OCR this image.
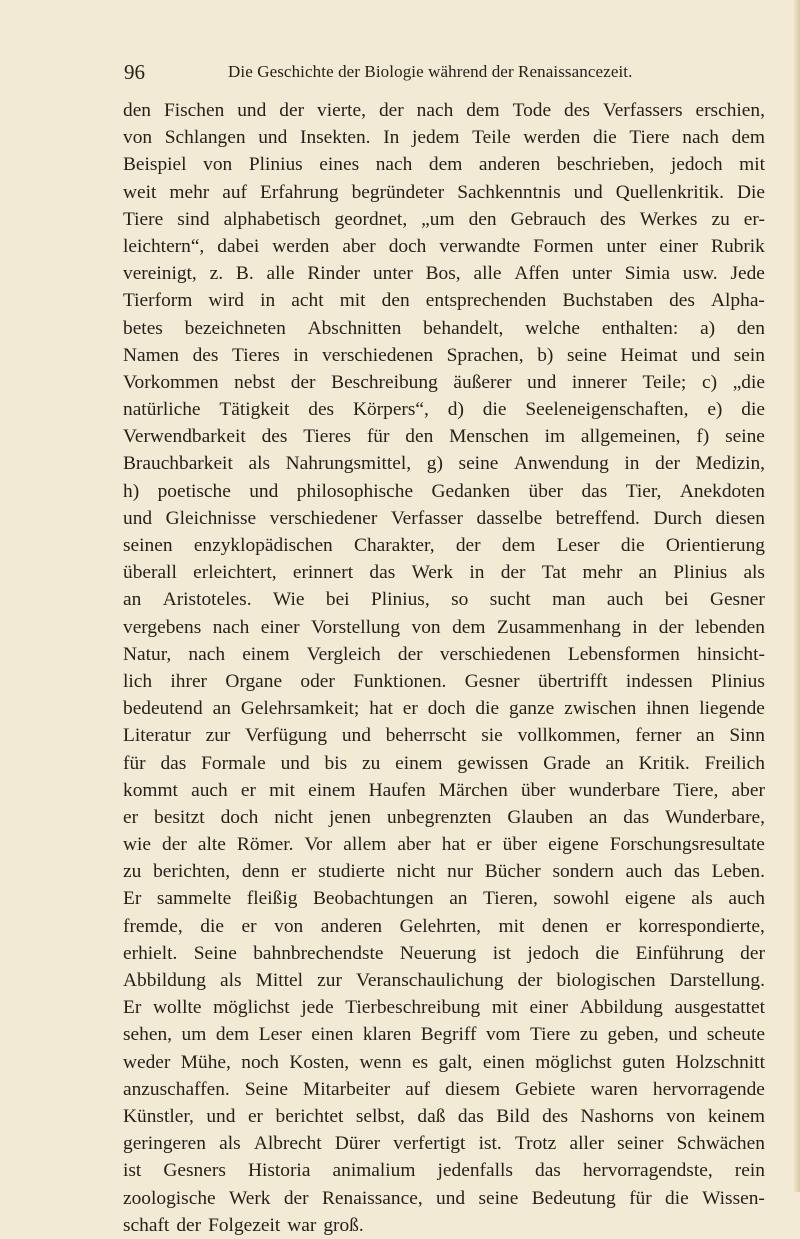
96	Die Geschichte der Biologie während der Renaissancezeit.
den Fischen und der vierte, der nach dem Tode des Verfassers erschien,
von Schlangen und Insekten. In jedem Teile werden die Tiere nach dem
Beispiel von Plinius eines nach dem anderen beschrieben, jedoch mit
weit mehr auf Erfahrung begründeter Sachkenntnis und Quellenkritik. Die
Tiere sind alphabetisch geordnet, „um den Gebrauch des Werkes zu er-
leichtern“, dabei werden aber doch verwandte Formen unter einer Rubrik
vereinigt, z. B. alle Rinder unter Bos, alle Affen unter Simia usw. Jede
Tierform wird in acht mit den entsprechenden Buchstaben des Alpha-
betes bezeichneten Abschnitten behandelt, welche enthalten: a) den
Namen des Tieres in verschiedenen Sprachen, b) seine Heimat und sein
Vorkommen nebst der Beschreibung äußerer und innerer Teile; c) „die
natürliche Tätigkeit des Körpers“, d) die Seeleneigenschaften, e) die
Verwendbarkeit des Tieres für den Menschen im allgemeinen, f) seine
Brauchbarkeit als Nahrungsmittel, g) seine Anwendung in der Medizin,
h) poetische und philosophische Gedanken über das Tier, Anekdoten
und Gleichnisse verschiedener Verfasser dasselbe betreffend. Durch diesen
seinen enzyklopädischen Charakter, der dem Leser die Orientierung
überall erleichtert, erinnert das Werk in der Tat mehr an Plinius als
an Aristoteles. Wie bei Plinius, so sucht man auch bei Gesner
vergebens nach einer Vorstellung von dem Zusammenhang in der lebenden
Natur, nach einem Vergleich der verschiedenen Lebensformen hinsicht-
lich ihrer Organe oder Funktionen. Gesner übertrifft indessen Plinius
bedeutend an Gelehrsamkeit; hat er doch die ganze zwischen ihnen liegende
Literatur zur Verfügung und beherrscht sie vollkommen, ferner an Sinn
für das Formale und bis zu einem gewissen Grade an Kritik. Freilich
kommt auch er mit einem Haufen Märchen über wunderbare Tiere, aber
er besitzt doch nicht jenen unbegrenzten Glauben an das Wunderbare,
wie der alte Römer. Vor allem aber hat er über eigene Forschungsresultate
zu berichten, denn er studierte nicht nur Bücher sondern auch das Leben.
Er sammelte fleißig Beobachtungen an Tieren, sowohl eigene als auch
fremde, die er von anderen Gelehrten, mit denen er korrespondierte,
erhielt. Seine bahnbrechendste Neuerung ist jedoch die Einführung der
Abbildung als Mittel zur Veranschaulichung der biologischen Darstellung.
Er wollte möglichst jede Tierbeschreibung mit einer Abbildung ausgestattet
sehen, um dem Leser einen klaren Begriff vom Tiere zu geben, und scheute
weder Mühe, noch Kosten, wenn es galt, einen möglichst guten Holzschnitt
anzuschaffen. Seine Mitarbeiter auf diesem Gebiete waren hervorragende
Künstler, und er berichtet selbst, daß das Bild des Nashorns von keinem
geringeren als Albrecht Dürer verfertigt ist. Trotz aller seiner Schwächen
ist Gesners Historia animalium jedenfalls das hervorragendste, rein
zoologische Werk der Renaissance, und seine Bedeutung für die Wissen-
schaft der Folgezeit war groß.
